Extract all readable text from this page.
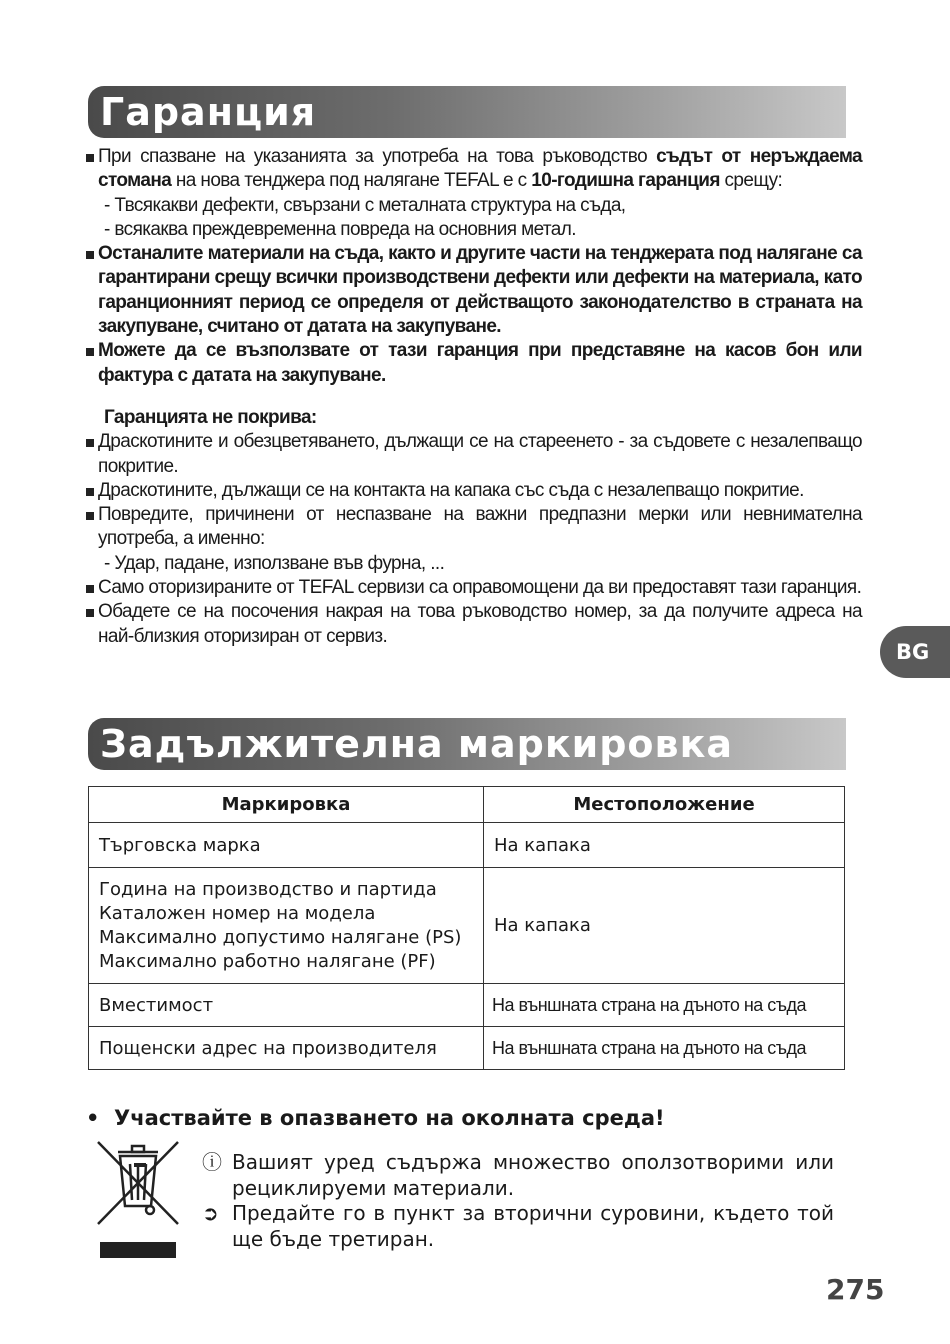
Гаранция

При спазване на указанията за употреба на това ръководство съдът от неръждаема стомана на нова тенджера под налягане TEFAL е с 10-годишна гаранция срещу:

- Твсякакви дефекти, свързани с металната структура на съда,

- всякаква преждевременна повреда на основния метал.

Останалите материали на съда, както и другите части на тенджерата под налягане са гарантирани срещу всички производствени дефекти или дефекти на материала, като гаранционният период се определя от действащото законодателство в страната на закупуване, считано от датата на закупуване.

Можете да се възползвате от тази гаранция при представяне на касов бон или фактура с датата на закупуване.

Гаранцията не покрива:

Драскотините и обезцветяването, дължащи се на стареенето - за съдовете с незалепващо покритие.

Драскотините, дължащи се на контакта на капака със съда с незалепващо покритие.

Повредите, причинени от неспазване на важни предпазни мерки или невнимателна употреба, а именно:

- Удар, падане, използване във фурна, ...

Само оторизираните от TEFAL сервизи са оправомощени да ви предоставят тази гаранция.

Обадете се на посочения накрая на това ръководство номер, за да получите адреса на най-близкия оторизиран от сервиз.

BG
Задължителна маркировка
Маркировка	Местоположение
Търговска марка	На капака

Година на производство и партида
Каталожен номер на модела
Максимално допустимо налягане (PS)
Максимално работно налягане (PF)	На капака
Вместимост	На външната страна на дъното на съда
Пощенски адрес на производителя	На външната страна на дъното на съда
• Участвайте в опазването на околната среда!

ⓘ Вашият уред съдържа множество оползотворими или рециклируеми материали.

➲ Предайте го в пункт за вторични суровини, където той ще бъде третиран.

275
